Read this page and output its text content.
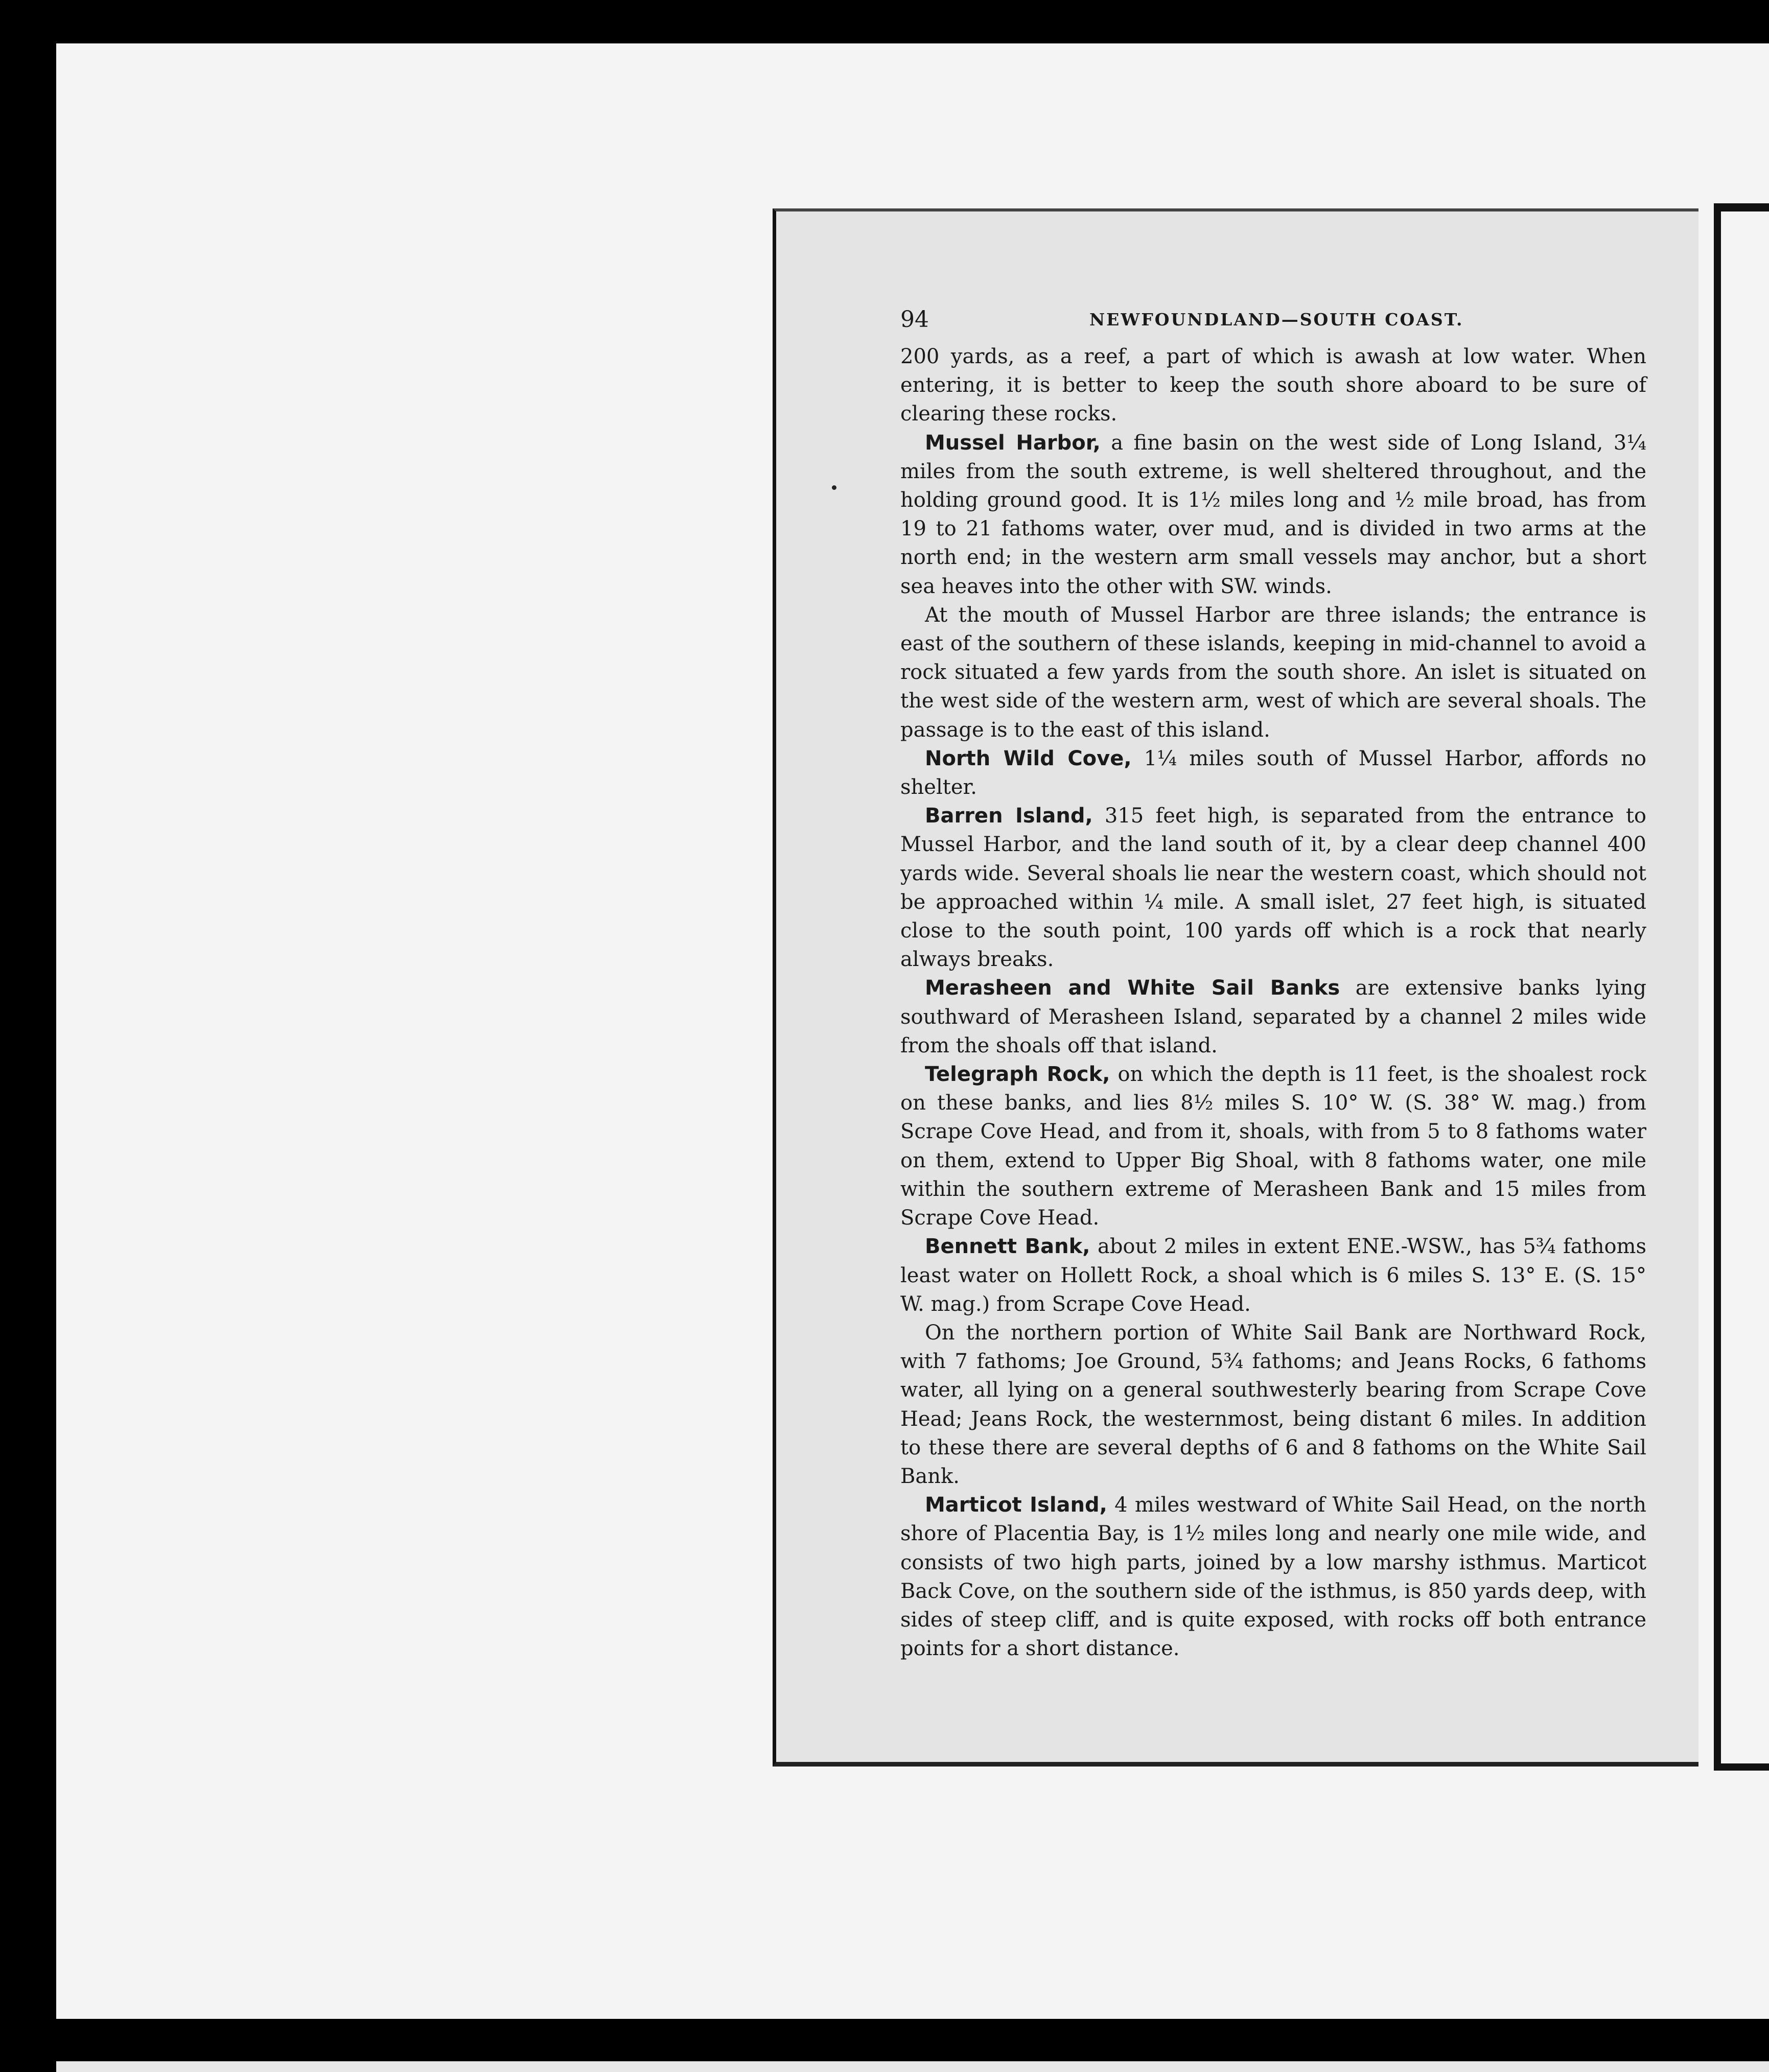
94	NEWFOUNDLAND—SOUTH COAST.

200 yards, as a reef, a part of which is awash at low water. When entering, it is better to keep the south shore aboard to be sure of clearing these rocks.

Mussel Harbor, a fine basin on the west side of Long Island, 3¼ miles from the south extreme, is well sheltered throughout, and the holding ground good. It is 1½ miles long and ½ mile broad, has from 19 to 21 fathoms water, over mud, and is divided in two arms at the north end; in the western arm small vessels may anchor, but a short sea heaves into the other with SW. winds.

At the mouth of Mussel Harbor are three islands; the entrance is east of the southern of these islands, keeping in mid-channel to avoid a rock situated a few yards from the south shore. An islet is situated on the west side of the western arm, west of which are several shoals. The passage is to the east of this island.

North Wild Cove, 1¼ miles south of Mussel Harbor, affords no shelter.

Barren Island, 315 feet high, is separated from the entrance to Mussel Harbor, and the land south of it, by a clear deep channel 400 yards wide. Several shoals lie near the western coast, which should not be approached within ¼ mile. A small islet, 27 feet high, is situated close to the south point, 100 yards off which is a rock that nearly always breaks.

Merasheen and White Sail Banks are extensive banks lying southward of Merasheen Island, separated by a channel 2 miles wide from the shoals off that island.

Telegraph Rock, on which the depth is 11 feet, is the shoalest rock on these banks, and lies 8½ miles S. 10° W. (S. 38° W. mag.) from Scrape Cove Head, and from it, shoals, with from 5 to 8 fathoms water on them, extend to Upper Big Shoal, with 8 fathoms water, one mile within the southern extreme of Merasheen Bank and 15 miles from Scrape Cove Head.

Bennett Bank, about 2 miles in extent ENE.-WSW., has 5¾ fathoms least water on Hollett Rock, a shoal which is 6 miles S. 13° E. (S. 15° W. mag.) from Scrape Cove Head.

On the northern portion of White Sail Bank are Northward Rock, with 7 fathoms; Joe Ground, 5¾ fathoms; and Jeans Rocks, 6 fathoms water, all lying on a general southwesterly bearing from Scrape Cove Head; Jeans Rock, the westernmost, being distant 6 miles. In addition to these there are several depths of 6 and 8 fathoms on the White Sail Bank.

Marticot Island, 4 miles westward of White Sail Head, on the north shore of Placentia Bay, is 1½ miles long and nearly one mile wide, and consists of two high parts, joined by a low marshy isthmus. Marticot Back Cove, on the southern side of the isthmus, is 850 yards deep, with sides of steep cliff, and is quite exposed, with rocks off both entrance points for a short distance.
